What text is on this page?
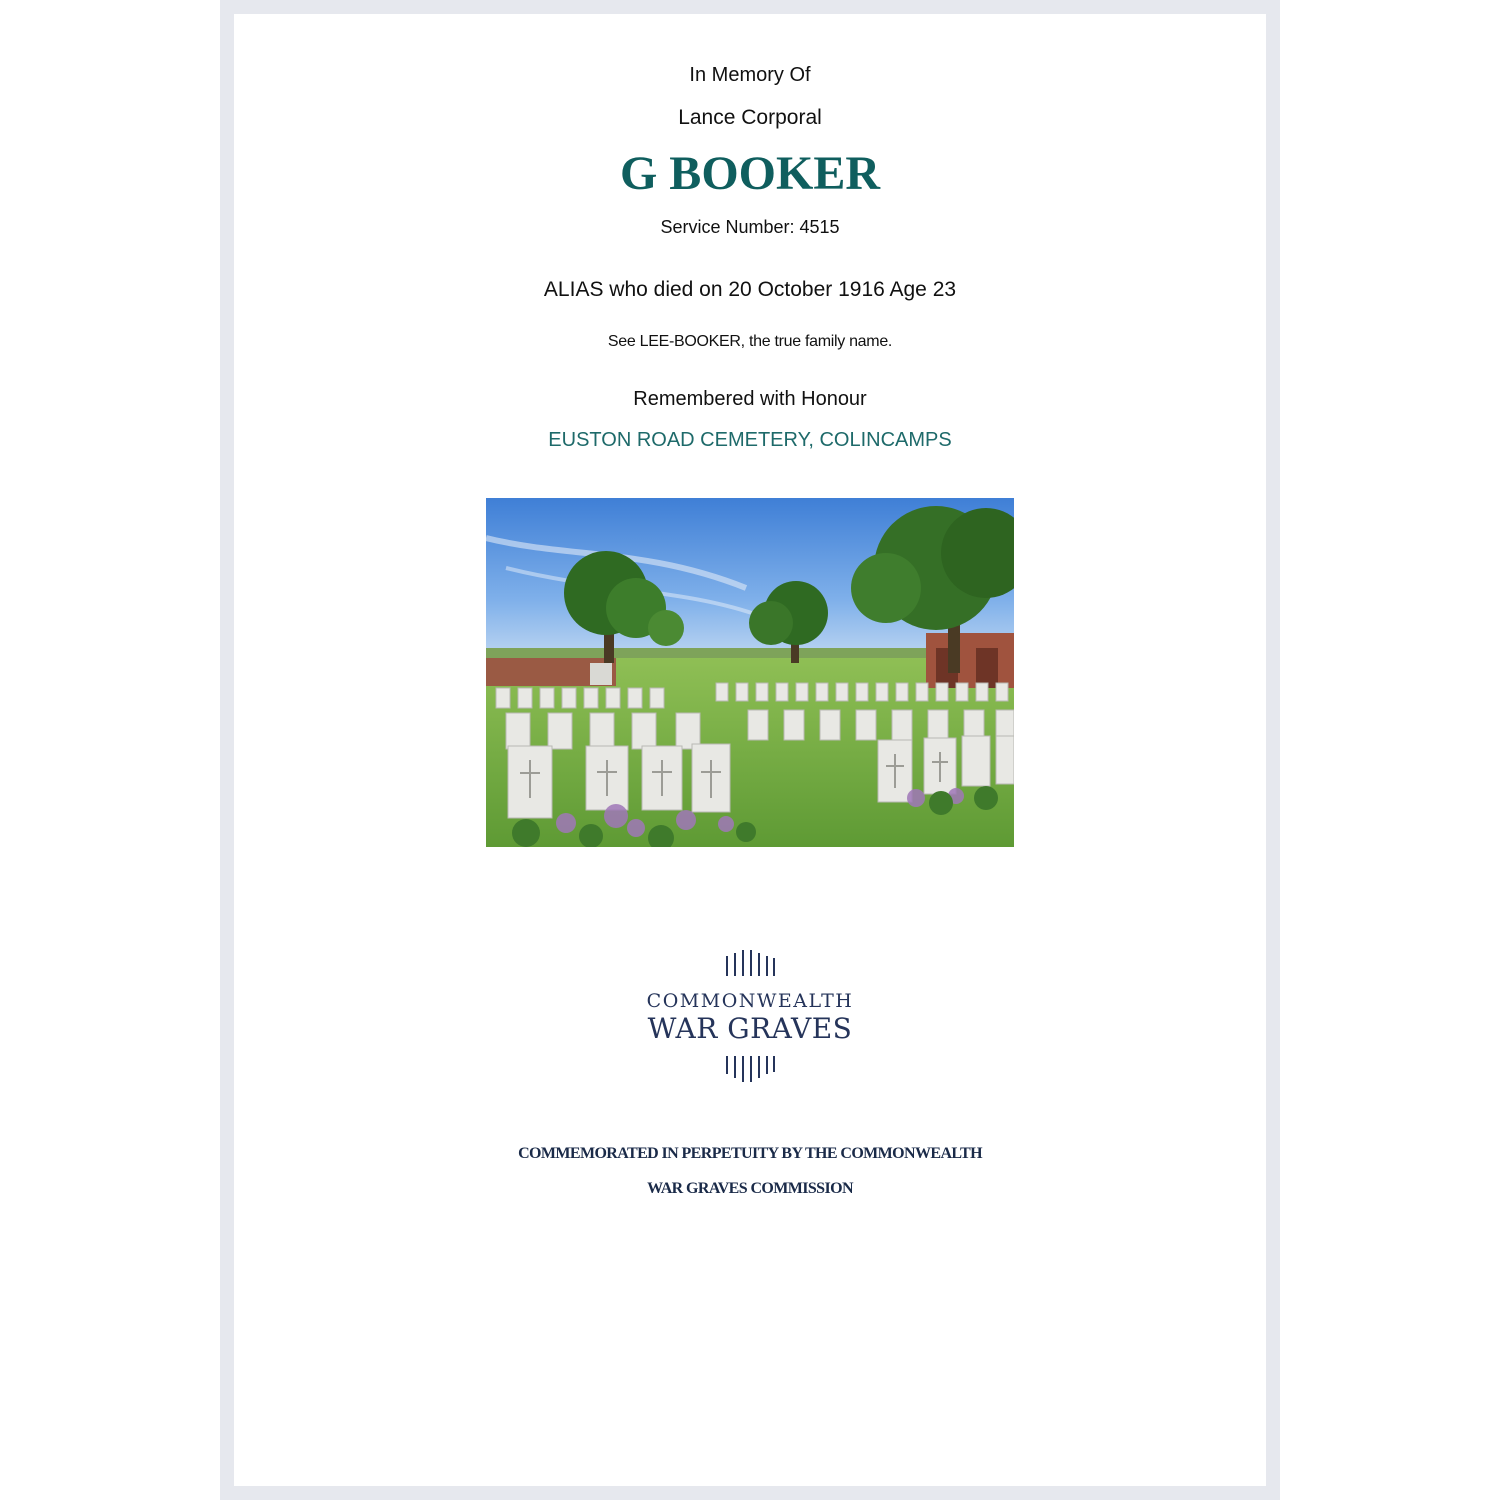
In Memory Of
Lance Corporal
G BOOKER
Service Number: 4515
ALIAS who died on 20 October 1916 Age 23
See LEE-BOOKER, the true family name.
Remembered with Honour
EUSTON ROAD CEMETERY, COLINCAMPS
COMMONWEALTH
WAR GRAVES
COMMEMORATED IN PERPETUITY BY THE COMMONWEALTH
WAR GRAVES COMMISSION
